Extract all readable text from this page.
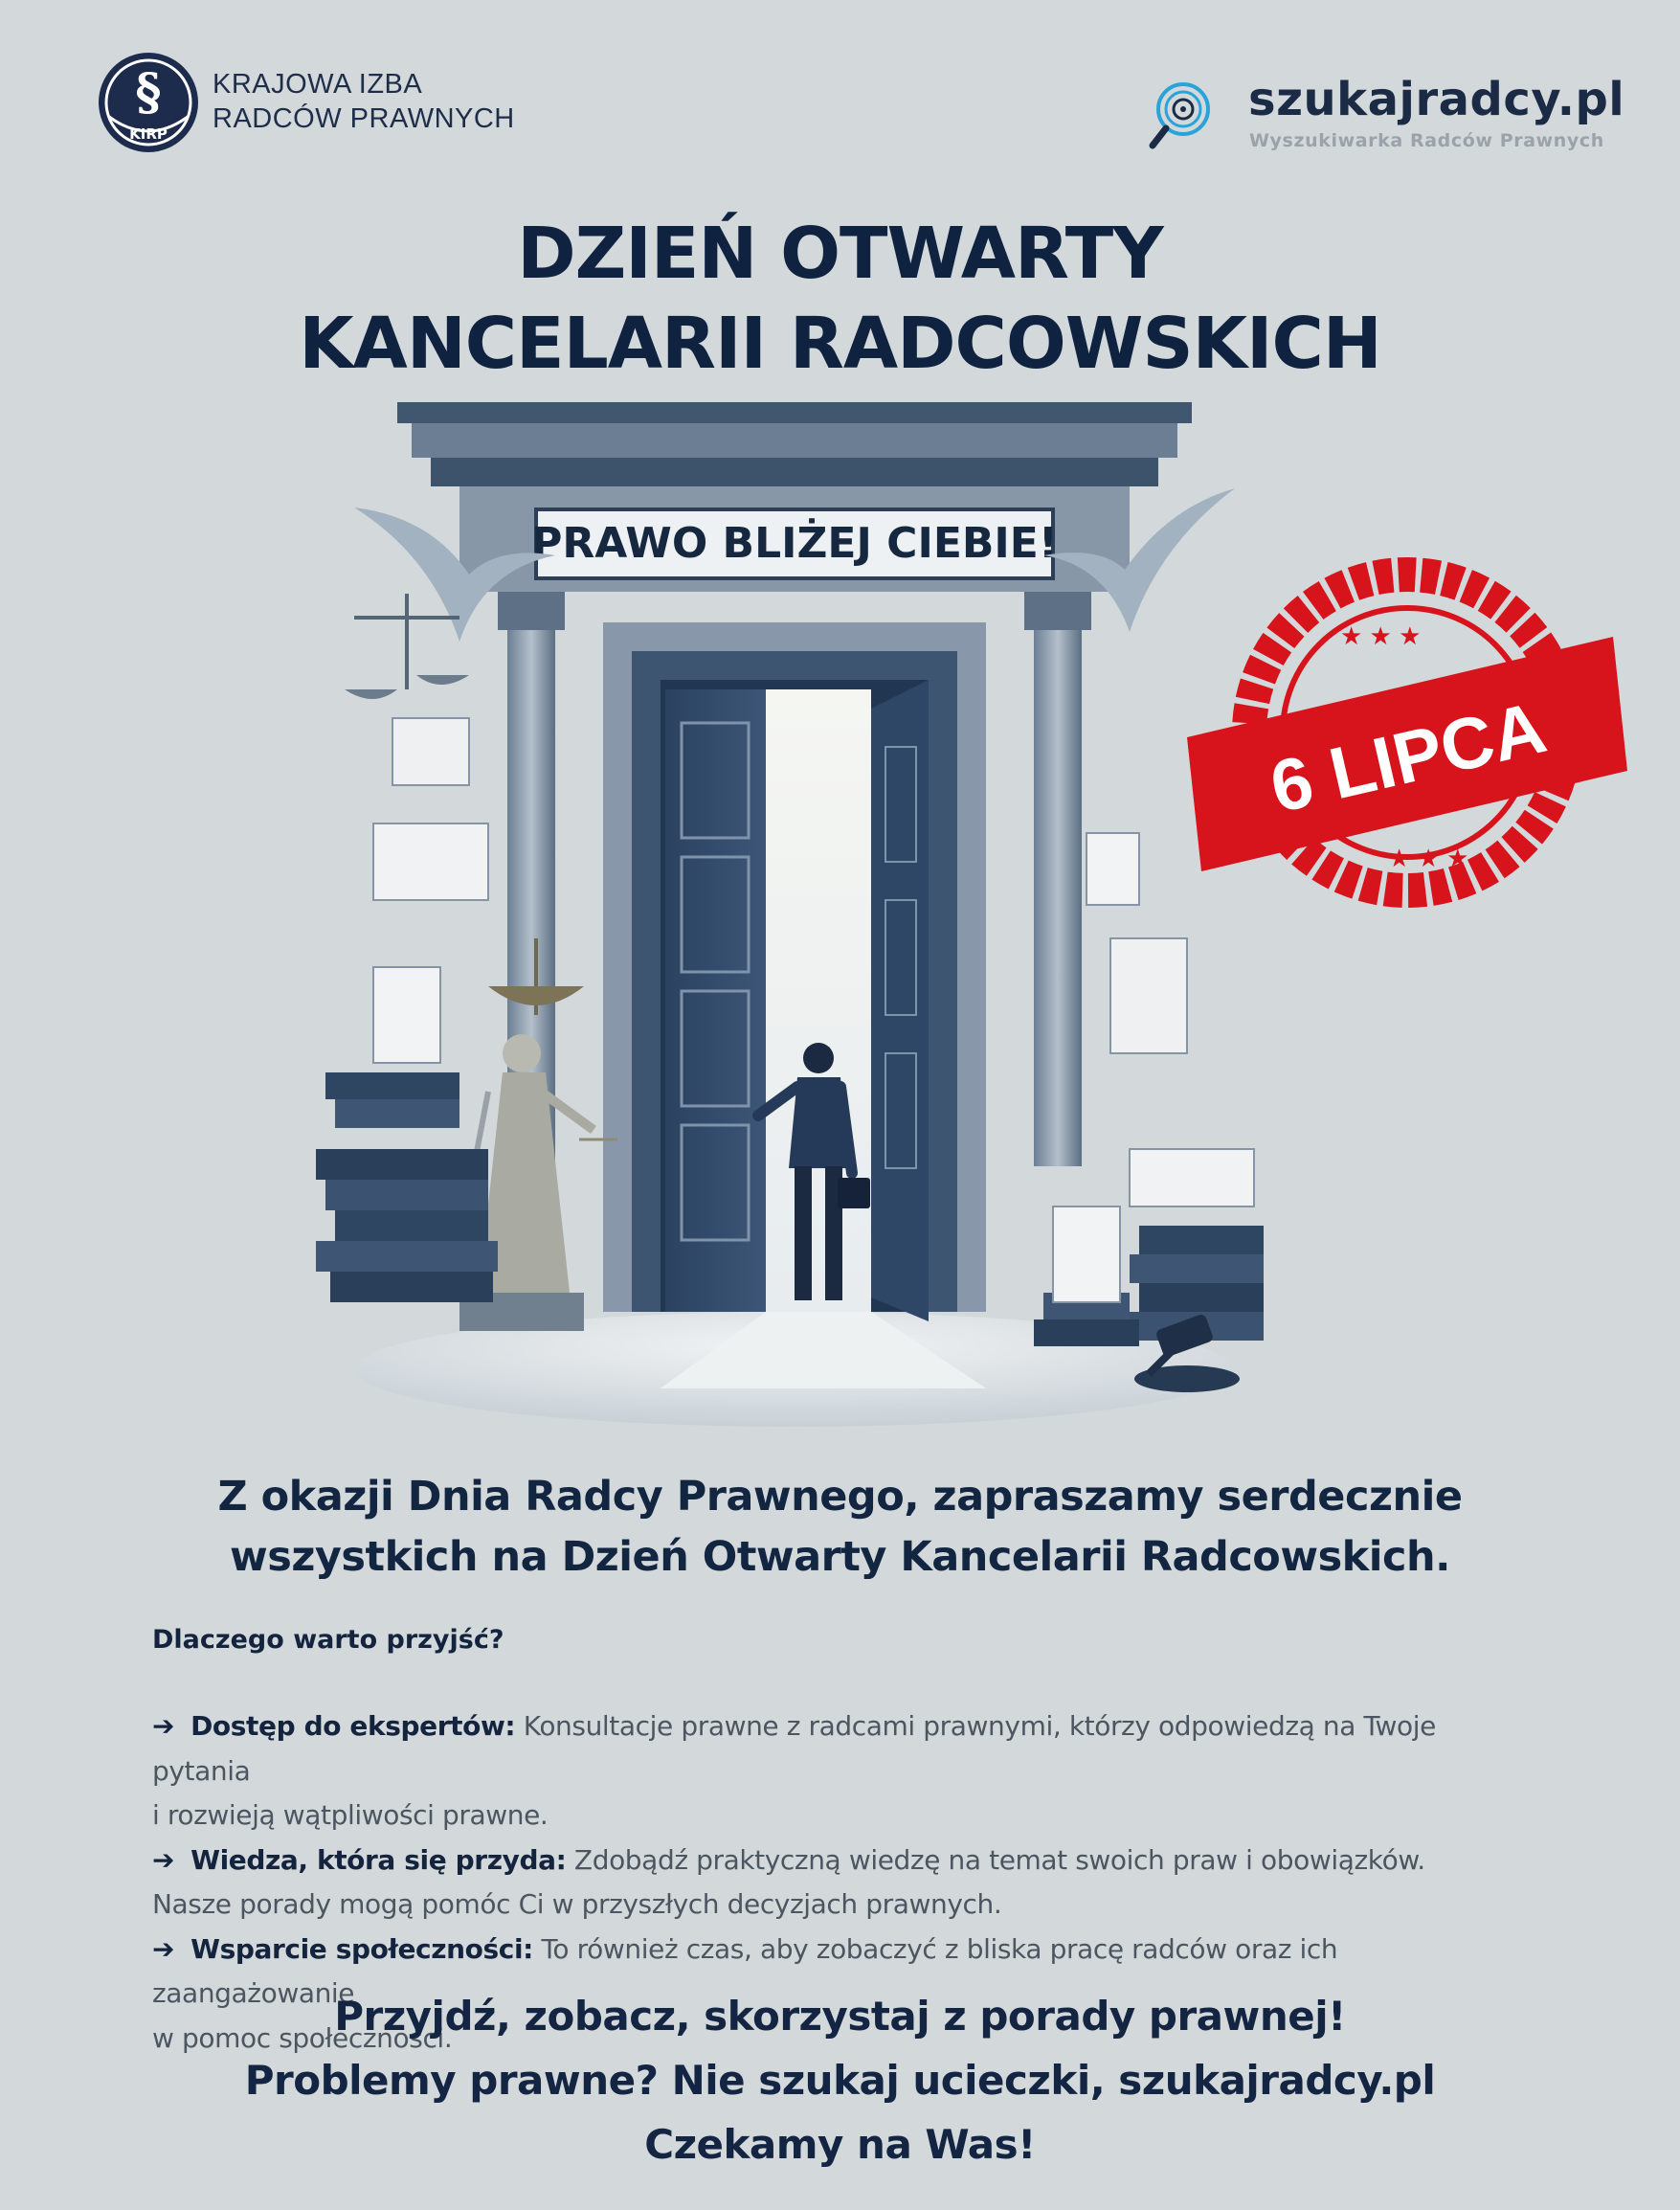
§
KIRP
KRAJOWA IZBA
RADCÓW PRAWNYCH	szukajradcy.pl
Wyszukiwarka Radców Prawnych
DZIEŃ OTWARTY
KANCELARII RADCOWSKICH
PRAWO BLIŻEJ CIEBIE!
6 LIPCA
★ ★ ★
★ ★ ★
Z okazji Dnia Radcy Prawnego, zapraszamy serdecznie
wszystkich na Dzień Otwarty Kancelarii Radcowskich.
Dlaczego warto przyjść?
➔ Dostęp do ekspertów: Konsultacje prawne z radcami prawnymi, którzy odpowiedzą na Twoje pytania
i rozwieją wątpliwości prawne.
➔ Wiedza, która się przyda: Zdobądź praktyczną wiedzę na temat swoich praw i obowiązków.
Nasze porady mogą pomóc Ci w przyszłych decyzjach prawnych.
➔ Wsparcie społeczności: To również czas, aby zobaczyć z bliska pracę radców oraz ich zaangażowanie
w pomoc społeczności.
Przyjdź, zobacz, skorzystaj z porady prawnej!
Problemy prawne? Nie szukaj ucieczki, szukajradcy.pl
Czekamy na Was!
